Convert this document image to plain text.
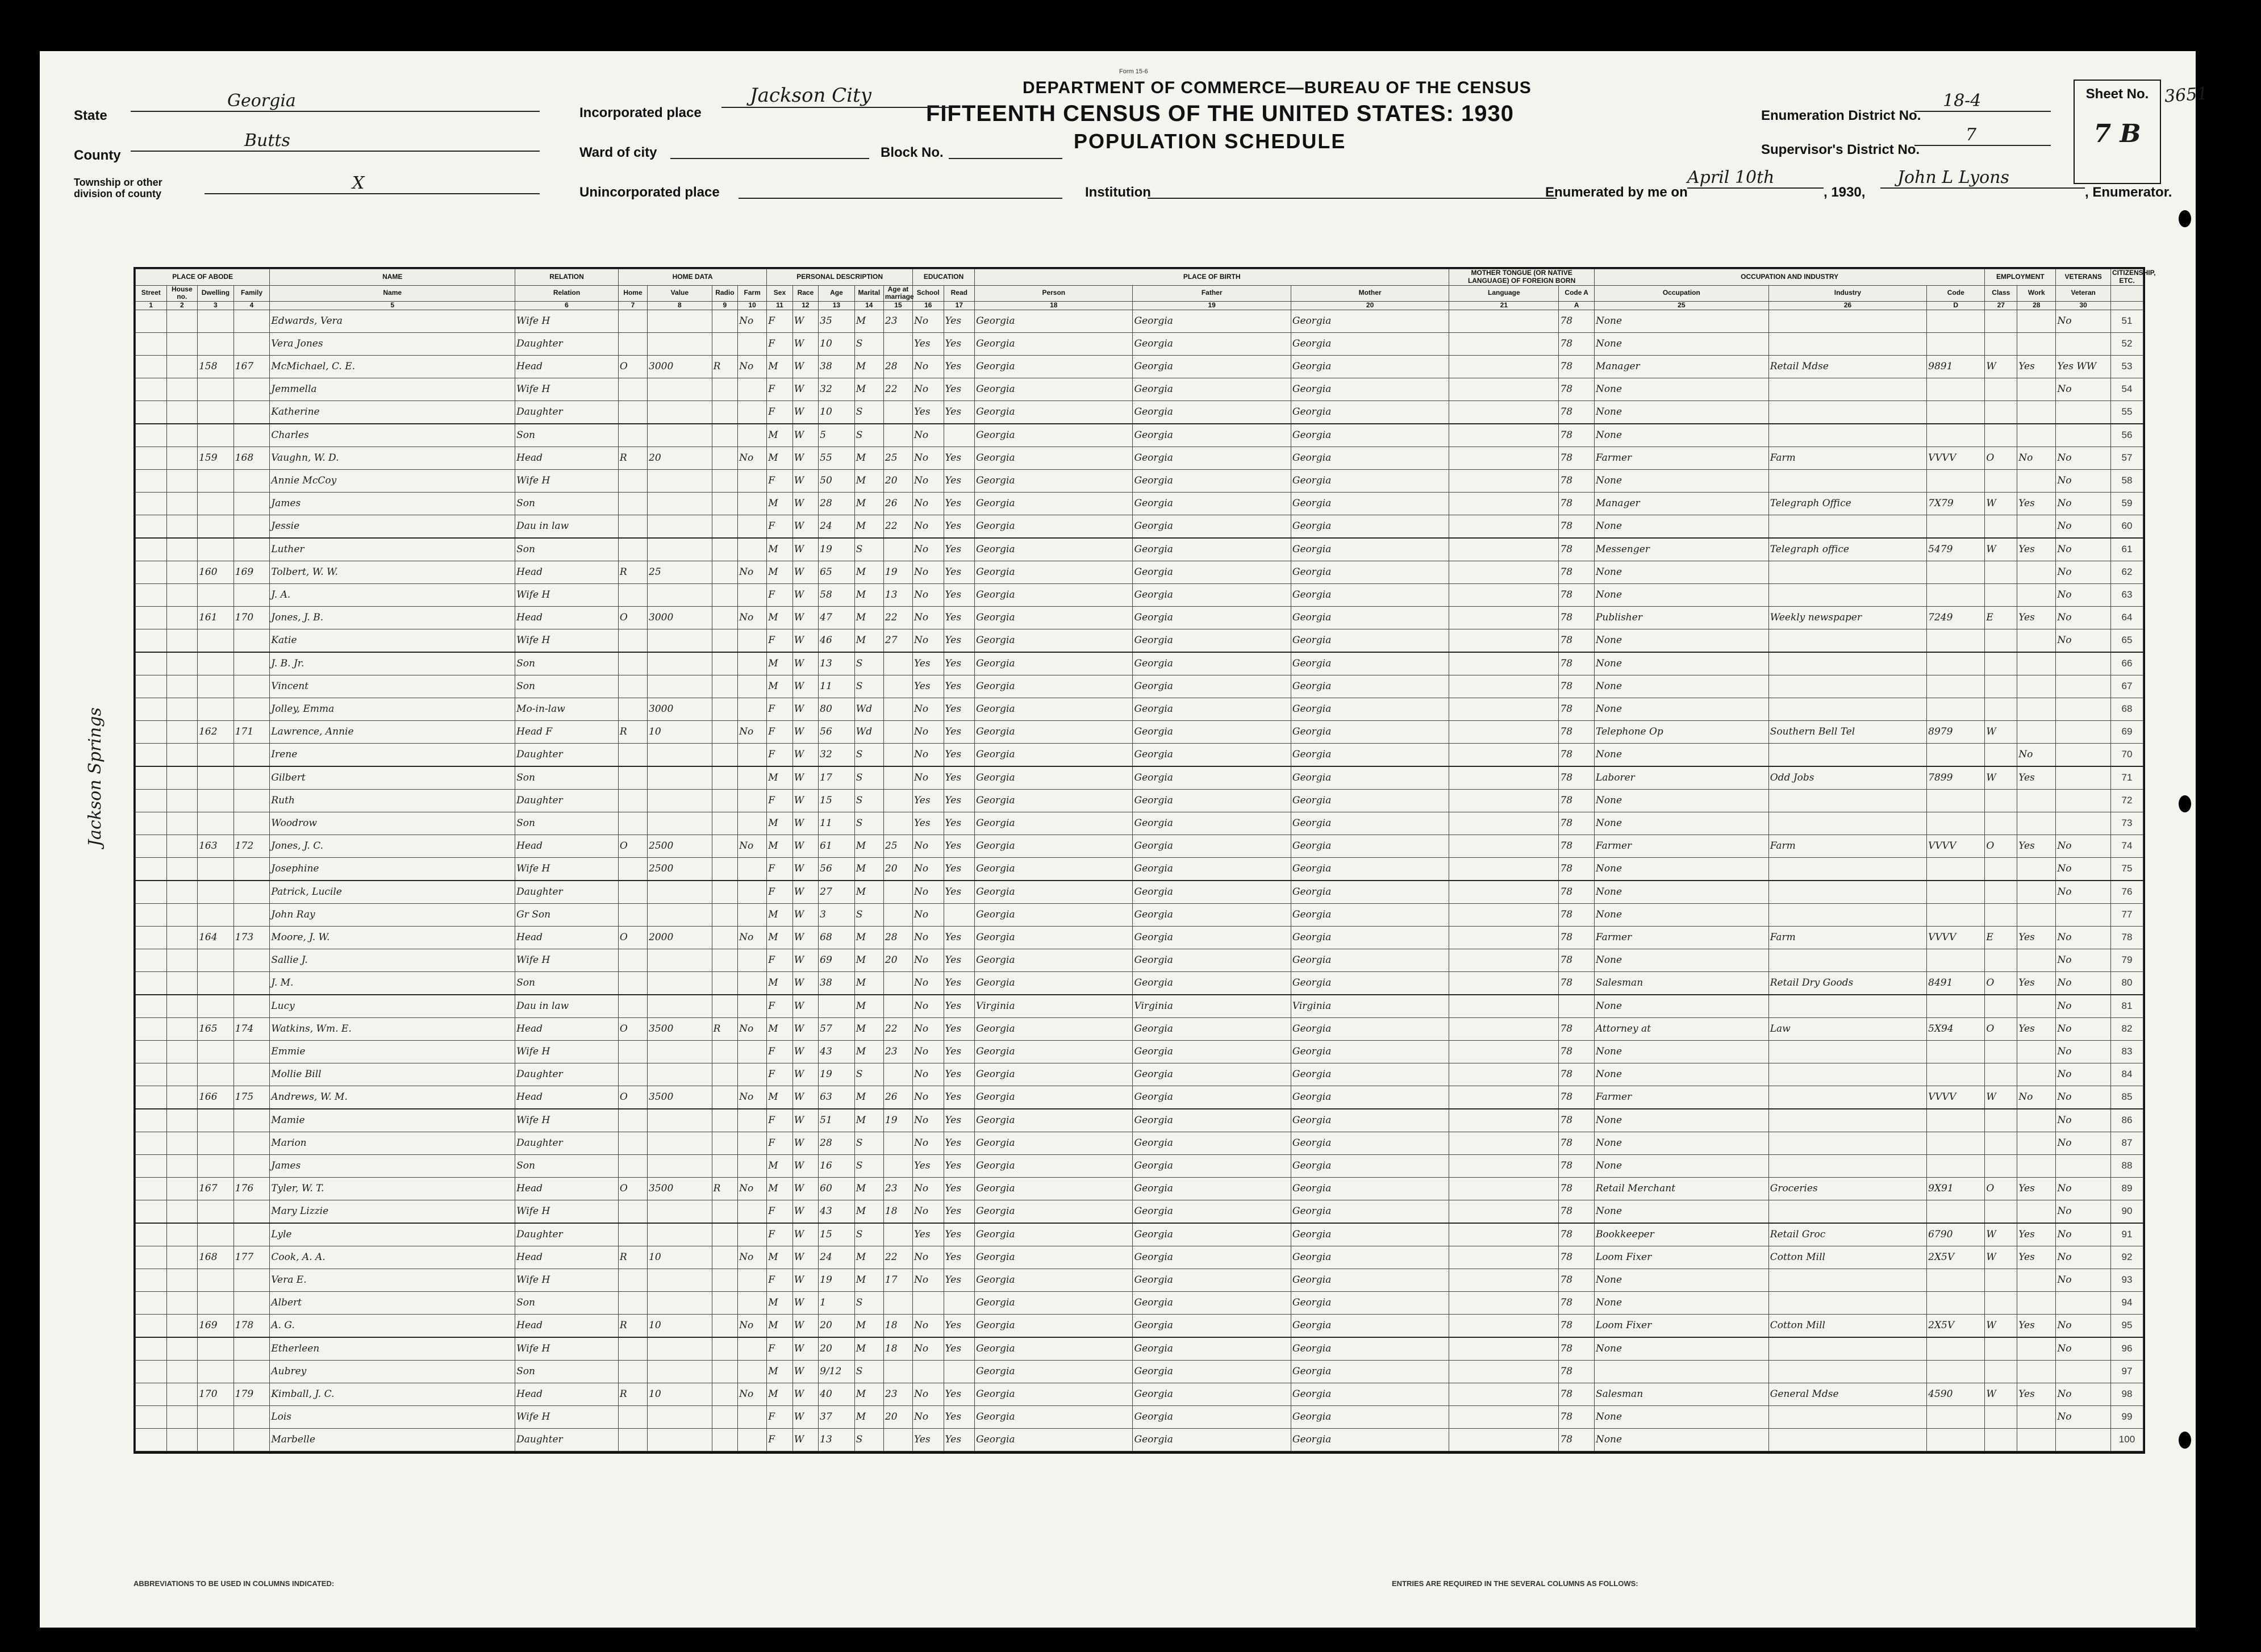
Form 15-6
DEPARTMENT OF COMMERCE—BUREAU OF THE CENSUS
FIFTEENTH CENSUS OF THE UNITED STATES: 1930
POPULATION SCHEDULE
State
Georgia
County
Butts
Township or other division of county
X
Incorporated place
Jackson City
Ward of city	Block No.
Unincorporated place	Institution
Enumeration District No.
18-4
Supervisor's District No.
7
Sheet No.
7 B
3651
Enumerated by me on
April 10th
, 1930,
John L Lyons
, Enumerator.
Jackson Springs
PLACE OF ABODE				NAME	RELATION	HOME DATA				PERSONAL DESCRIPTION					EDUCATION		PLACE OF BIRTH			MOTHER TONGUE (OR NATIVE LANGUAGE) OF FOREIGN BORN		OCCUPATION AND INDUSTRY			EMPLOYMENT		VETERANS	CITIZENSHIP, ETC.
Street	House no.	Dwelling	Family	Name	Relation	Home	Value	Radio	Farm	Sex	Race	Age	Marital	Age at marriage	School	Read	Person	Father	Mother	Language	Code A	Occupation	Industry	Code	Class	Work	Veteran	
1	2	3	4	5	6	7	8	9	10	11	12	13	14	15	16	17	18	19	20	21	A	25	26	D	27	28	30	
				Edwards, Vera	Wife H				No	F	W	35	M	23	No	Yes	Georgia	Georgia	Georgia		78	None					No	51
				Vera Jones	Daughter					F	W	10	S		Yes	Yes	Georgia	Georgia	Georgia		78	None						52
		158	167	McMichael, C. E.	Head	O	3000	R	No	M	W	38	M	28	No	Yes	Georgia	Georgia	Georgia		78	Manager	Retail Mdse	9891	W	Yes	Yes WW	53
				Jemmella	Wife H					F	W	32	M	22	No	Yes	Georgia	Georgia	Georgia		78	None					No	54
				Katherine	Daughter					F	W	10	S		Yes	Yes	Georgia	Georgia	Georgia		78	None						55
				Charles	Son					M	W	5	S		No		Georgia	Georgia	Georgia		78	None						56
		159	168	Vaughn, W. D.	Head	R	20		No	M	W	55	M	25	No	Yes	Georgia	Georgia	Georgia		78	Farmer	Farm	VVVV	O	No	No	57
				Annie McCoy	Wife H					F	W	50	M	20	No	Yes	Georgia	Georgia	Georgia		78	None					No	58
				James	Son					M	W	28	M	26	No	Yes	Georgia	Georgia	Georgia		78	Manager	Telegraph Office	7X79	W	Yes	No	59
				Jessie	Dau in law					F	W	24	M	22	No	Yes	Georgia	Georgia	Georgia		78	None					No	60
				Luther	Son					M	W	19	S		No	Yes	Georgia	Georgia	Georgia		78	Messenger	Telegraph office	5479	W	Yes	No	61
		160	169	Tolbert, W. W.	Head	R	25		No	M	W	65	M	19	No	Yes	Georgia	Georgia	Georgia		78	None					No	62
				J. A.	Wife H					F	W	58	M	13	No	Yes	Georgia	Georgia	Georgia		78	None					No	63
		161	170	Jones, J. B.	Head	O	3000		No	M	W	47	M	22	No	Yes	Georgia	Georgia	Georgia		78	Publisher	Weekly newspaper	7249	E	Yes	No	64
				Katie	Wife H					F	W	46	M	27	No	Yes	Georgia	Georgia	Georgia		78	None					No	65
				J. B. Jr.	Son					M	W	13	S		Yes	Yes	Georgia	Georgia	Georgia		78	None						66
				Vincent	Son					M	W	11	S		Yes	Yes	Georgia	Georgia	Georgia		78	None						67
				Jolley, Emma	Mo-in-law		3000			F	W	80	Wd		No	Yes	Georgia	Georgia	Georgia		78	None						68
		162	171	Lawrence, Annie	Head F	R	10		No	F	W	56	Wd		No	Yes	Georgia	Georgia	Georgia		78	Telephone Op	Southern Bell Tel	8979	W			69
				Irene	Daughter					F	W	32	S		No	Yes	Georgia	Georgia	Georgia		78	None				No		70
				Gilbert	Son					M	W	17	S		No	Yes	Georgia	Georgia	Georgia		78	Laborer	Odd Jobs	7899	W	Yes		71
				Ruth	Daughter					F	W	15	S		Yes	Yes	Georgia	Georgia	Georgia		78	None						72
				Woodrow	Son					M	W	11	S		Yes	Yes	Georgia	Georgia	Georgia		78	None						73
		163	172	Jones, J. C.	Head	O	2500		No	M	W	61	M	25	No	Yes	Georgia	Georgia	Georgia		78	Farmer	Farm	VVVV	O	Yes	No	74
				Josephine	Wife H		2500			F	W	56	M	20	No	Yes	Georgia	Georgia	Georgia		78	None					No	75
				Patrick, Lucile	Daughter					F	W	27	M		No	Yes	Georgia	Georgia	Georgia		78	None					No	76
				John Ray	Gr Son					M	W	3	S		No		Georgia	Georgia	Georgia		78	None						77
		164	173	Moore, J. W.	Head	O	2000		No	M	W	68	M	28	No	Yes	Georgia	Georgia	Georgia		78	Farmer	Farm	VVVV	E	Yes	No	78
				Sallie J.	Wife H					F	W	69	M	20	No	Yes	Georgia	Georgia	Georgia		78	None					No	79
				J. M.	Son					M	W	38	M		No	Yes	Georgia	Georgia	Georgia		78	Salesman	Retail Dry Goods	8491	O	Yes	No	80
				Lucy	Dau in law					F	W		M		No	Yes	Virginia	Virginia	Virginia			None					No	81
		165	174	Watkins, Wm. E.	Head	O	3500	R	No	M	W	57	M	22	No	Yes	Georgia	Georgia	Georgia		78	Attorney at	Law	5X94	O	Yes	No	82
				Emmie	Wife H					F	W	43	M	23	No	Yes	Georgia	Georgia	Georgia		78	None					No	83
				Mollie Bill	Daughter					F	W	19	S		No	Yes	Georgia	Georgia	Georgia		78	None					No	84
		166	175	Andrews, W. M.	Head	O	3500		No	M	W	63	M	26	No	Yes	Georgia	Georgia	Georgia		78	Farmer		VVVV	W	No	No	85
				Mamie	Wife H					F	W	51	M	19	No	Yes	Georgia	Georgia	Georgia		78	None					No	86
				Marion	Daughter					F	W	28	S		No	Yes	Georgia	Georgia	Georgia		78	None					No	87
				James	Son					M	W	16	S		Yes	Yes	Georgia	Georgia	Georgia		78	None						88
		167	176	Tyler, W. T.	Head	O	3500	R	No	M	W	60	M	23	No	Yes	Georgia	Georgia	Georgia		78	Retail Merchant	Groceries	9X91	O	Yes	No	89
				Mary Lizzie	Wife H					F	W	43	M	18	No	Yes	Georgia	Georgia	Georgia		78	None					No	90
				Lyle	Daughter					F	W	15	S		Yes	Yes	Georgia	Georgia	Georgia		78	Bookkeeper	Retail Groc	6790	W	Yes	No	91
		168	177	Cook, A. A.	Head	R	10		No	M	W	24	M	22	No	Yes	Georgia	Georgia	Georgia		78	Loom Fixer	Cotton Mill	2X5V	W	Yes	No	92
				Vera E.	Wife H					F	W	19	M	17	No	Yes	Georgia	Georgia	Georgia		78	None					No	93
				Albert	Son					M	W	1	S				Georgia	Georgia	Georgia		78	None						94
		169	178	A. G.	Head	R	10		No	M	W	20	M	18	No	Yes	Georgia	Georgia	Georgia		78	Loom Fixer	Cotton Mill	2X5V	W	Yes	No	95
				Etherleen	Wife H					F	W	20	M	18	No	Yes	Georgia	Georgia	Georgia		78	None					No	96
				Aubrey	Son					M	W	9/12	S				Georgia	Georgia	Georgia		78							97
		170	179	Kimball, J. C.	Head	R	10		No	M	W	40	M	23	No	Yes	Georgia	Georgia	Georgia		78	Salesman	General Mdse	4590	W	Yes	No	98
				Lois	Wife H					F	W	37	M	20	No	Yes	Georgia	Georgia	Georgia		78	None					No	99
				Marbelle	Daughter					F	W	13	S		Yes	Yes	Georgia	Georgia	Georgia		78	None						100
ABBREVIATIONS TO BE USED IN COLUMNS INDICATED:	ENTRIES ARE REQUIRED IN THE SEVERAL COLUMNS AS FOLLOWS:
